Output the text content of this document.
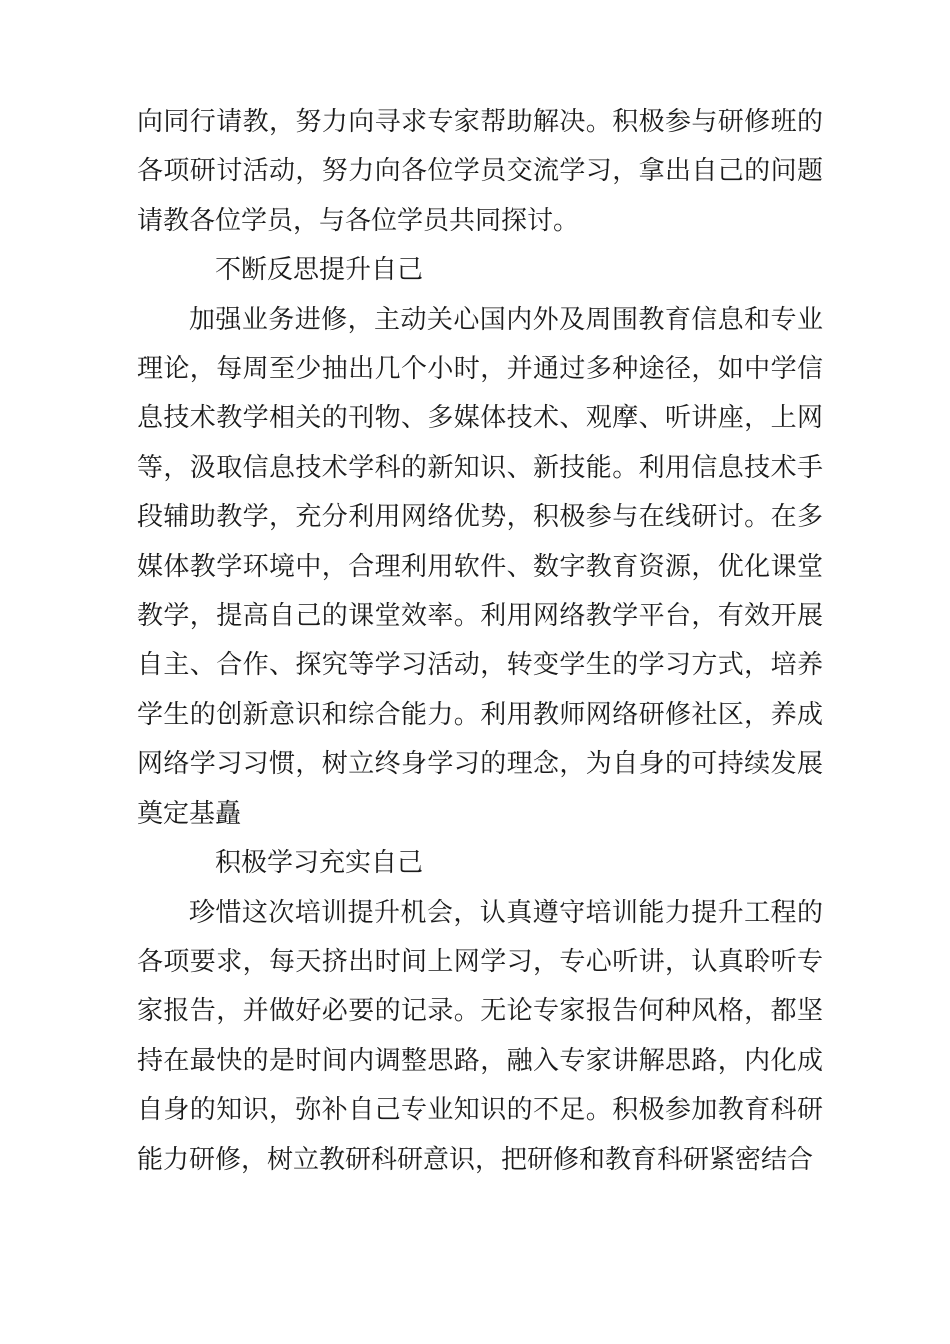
向同行请教，努力向寻求专家帮助解决。积极参与研修班的各项研讨活动，努力向各位学员交流学习，拿出自己的问题请教各位学员，与各位学员共同探讨。

不断反思提升自己

加强业务进修，主动关心国内外及周围教育信息和专业理论，每周至少抽出几个小时，并通过多种途径，如中学信息技术教学相关的刊物、多媒体技术、观摩、听讲座，上网等，汲取信息技术学科的新知识、新技能。利用信息技术手段辅助教学，充分利用网络优势，积极参与在线研讨。在多媒体教学环境中，合理利用软件、数字教育资源，优化课堂教学，提高自己的课堂效率。利用网络教学平台，有效开展自主、合作、探究等学习活动，转变学生的学习方式，培养学生的创新意识和综合能力。利用教师网络研修社区，养成网络学习习惯，树立终身学习的理念，为自身的可持续发展奠定基矗

积极学习充实自己

珍惜这次培训提升机会，认真遵守培训能力提升工程的各项要求，每天挤出时间上网学习，专心听讲，认真聆听专家报告，并做好必要的记录。无论专家报告何种风格，都坚持在最快的是时间内调整思路，融入专家讲解思路，内化成自身的知识，弥补自己专业知识的不足。积极参加教育科研能力研修，树立教研科研意识，把研修和教育科研紧密结合
